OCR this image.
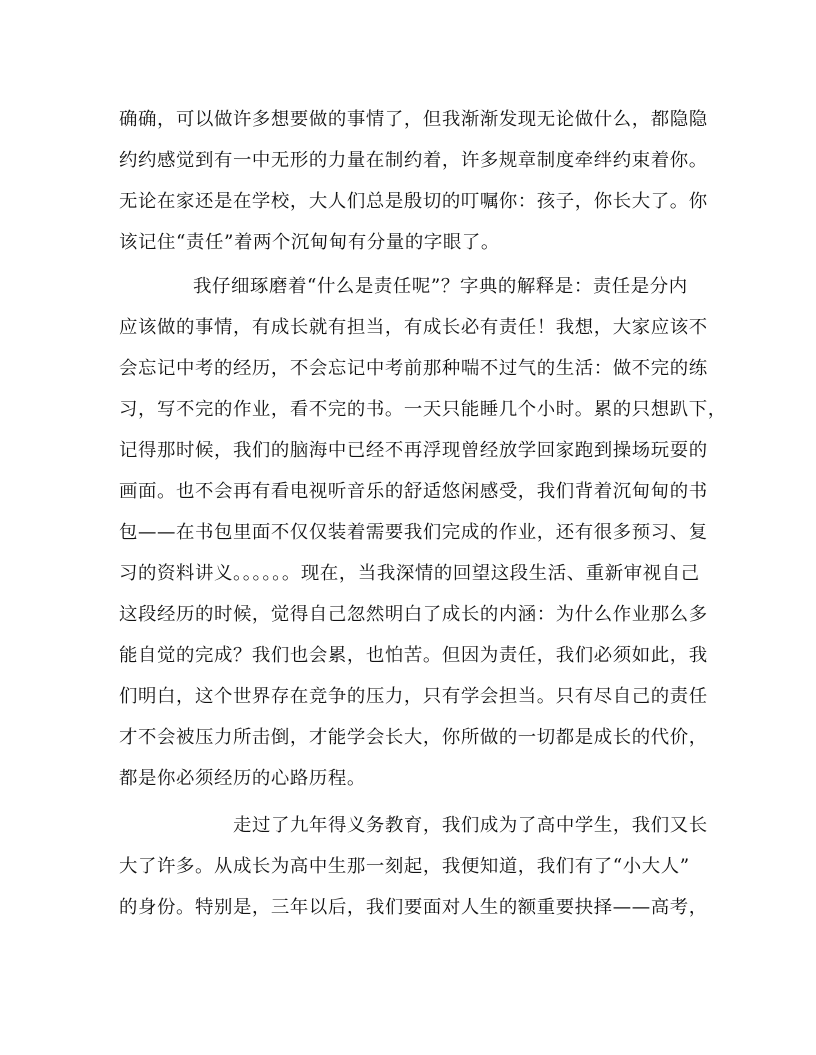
确确，可以做许多想要做的事情了，但我渐渐发现无论做什么，都隐隐
约约感觉到有一中无形的力量在制约着，许多规章制度牵绊约束着你。
无论在家还是在学校，大人们总是殷切的叮嘱你：孩子，你长大了。你
该记住“责任”着两个沉甸甸有分量的字眼了。
我仔细琢磨着“什么是责任呢”？字典的解释是：责任是分内
应该做的事情，有成长就有担当，有成长必有责任！我想，大家应该不
会忘记中考的经历，不会忘记中考前那种喘不过气的生活：做不完的练
习，写不完的作业，看不完的书。一天只能睡几个小时。累的只想趴下，
记得那时候，我们的脑海中已经不再浮现曾经放学回家跑到操场玩耍的
画面。也不会再有看电视听音乐的舒适悠闲感受，我们背着沉甸甸的书
包——在书包里面不仅仅装着需要我们完成的作业，还有很多预习、复
习的资料讲义。。。。。。现在，当我深情的回望这段生活、重新审视自己
这段经历的时候，觉得自己忽然明白了成长的内涵：为什么作业那么多
能自觉的完成？我们也会累，也怕苦。但因为责任，我们必须如此，我
们明白，这个世界存在竞争的压力，只有学会担当。只有尽自己的责任
才不会被压力所击倒，才能学会长大，你所做的一切都是成长的代价，
都是你必须经历的心路历程。
走过了九年得义务教育，我们成为了高中学生，我们又长
大了许多。从成长为高中生那一刻起，我便知道，我们有了“小大人”
的身份。特别是，三年以后，我们要面对人生的额重要抉择——高考，
